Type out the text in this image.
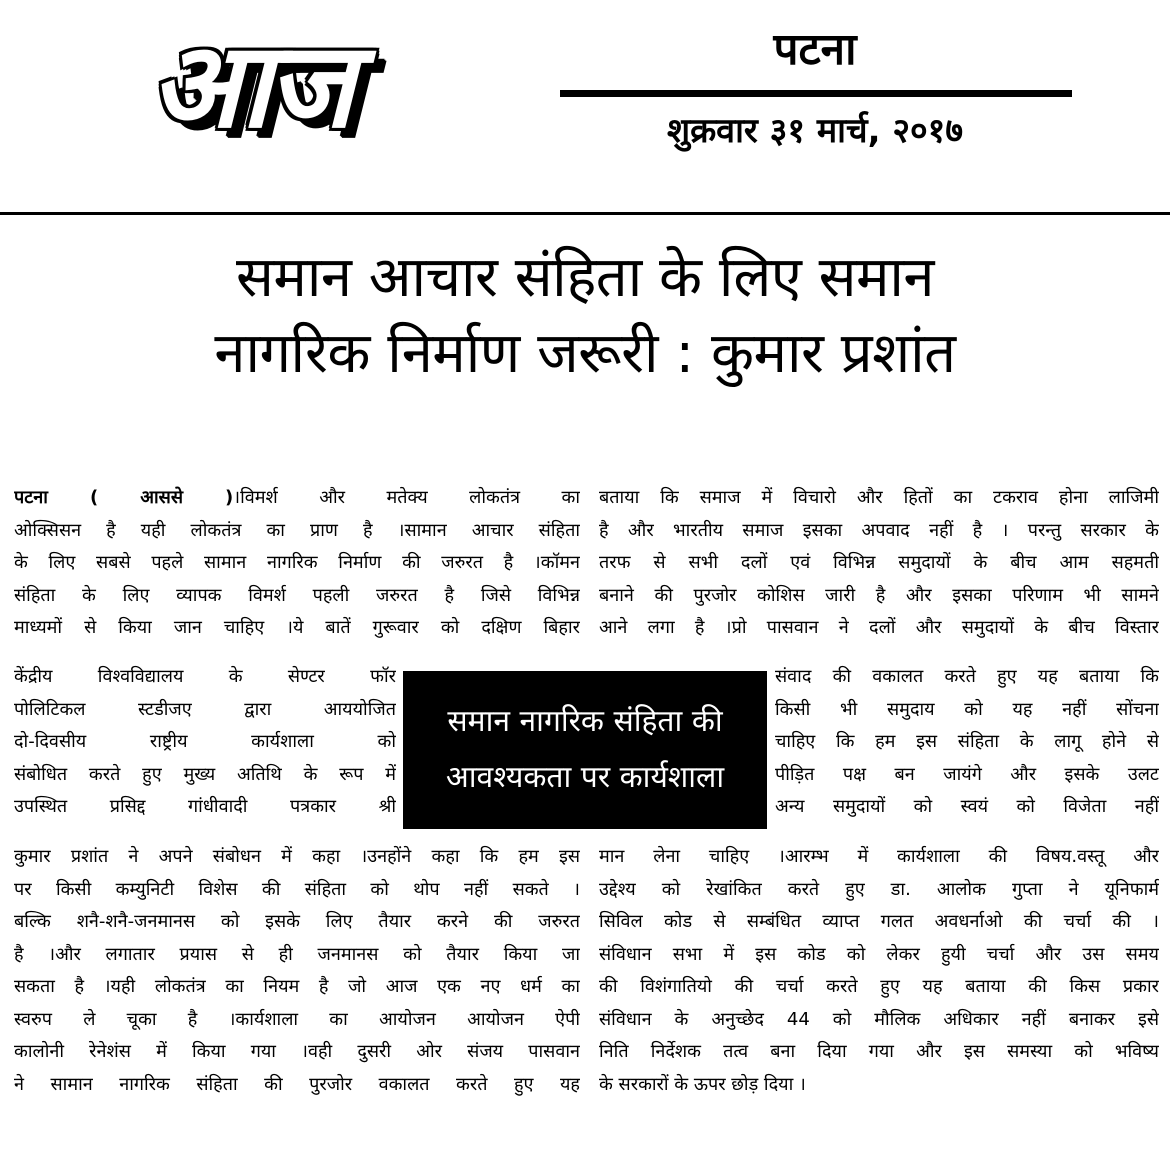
आज	पटना
शुक्रवार ३१ मार्च, २०१७
समान आचार संहिता के लिए समान
नागरिक निर्माण जरूरी : कुमार प्रशांत
पटना ( आससे )।विमर्श और मतेक्य लोकतंत्र का
ओक्सिसन है यही लोकतंत्र का प्राण है ।सामान आचार संहिता
के लिए सबसे पहले सामान नागरिक निर्माण की जरुरत है ।कॉमन
संहिता के लिए व्यापक विमर्श पहली जरुरत है जिसे विभिन्न
माध्यमों से किया जान चाहिए ।ये बातें गुरूवार को दक्षिण बिहार
केंद्रीय विश्वविद्यालय के सेण्टर फॉर
पोलिटिकल स्टडीजए द्वारा आययोजित
दो-दिवसीय राष्ट्रीय कार्यशाला को
संबोधित करते हुए मुख्य अतिथि के रूप में
उपस्थित प्रसिद्द गांधीवादी पत्रकार श्री
कुमार प्रशांत ने अपने संबोधन में कहा ।उनहोंने कहा कि हम इस
पर किसी कम्युनिटी विशेस की संहिता को थोप नहीं सकते ।
बल्कि शनै-शनै-जनमानस को इसके लिए तैयार करने की जरुरत
है ।और लगातार प्रयास से ही जनमानस को तैयार किया जा
सकता है ।यही लोकतंत्र का नियम है जो आज एक नए धर्म का
स्वरुप ले चूका है ।कार्यशाला का आयोजन आयोजन ऐपी
कालोनी रेनेशंस में किया गया ।वही दुसरी ओर संजय पासवान
ने सामान नागरिक संहिता की पुरजोर वकालत करते हुए यह
समान नागरिक संहिता की
आवश्यकता पर कार्यशाला
बताया कि समाज में विचारो और हितों का टकराव होना लाजिमी
है और भारतीय समाज इसका अपवाद नहीं है । परन्तु सरकार के
तरफ से सभी दलों एवं विभिन्न समुदायों के बीच आम सहमती
बनाने की पुरजोर कोशिस जारी है और इसका परिणाम भी सामने
आने लगा है ।प्रो पासवान ने दलों और समुदायों के बीच विस्तार
संवाद की वकालत करते हुए यह बताया कि
किसी भी समुदाय को यह नहीं सोंचना
चाहिए कि हम इस संहिता के लागू होने से
पीड़ित पक्ष बन जायंगे और इसके उलट
अन्य समुदायों को स्वयं को विजेता नहीं
मान लेना चाहिए ।आरम्भ में कार्यशाला की विषय.वस्तू और
उद्देश्य को रेखांकित करते हुए डा. आलोक गुप्ता ने यूनिफार्म
सिविल कोड से सम्बंधित व्याप्त गलत अवधर्नाओ की चर्चा की ।
संविधान सभा में इस कोड को लेकर हुयी चर्चा और उस समय
की विशंगातियो की चर्चा करते हुए यह बताया की किस प्रकार
संविधान के अनुच्छेद 44 को मौलिक अधिकार नहीं बनाकर इसे
निति निर्देशक तत्व बना दिया गया और इस समस्या को भविष्य
के सरकारों के ऊपर छोड़ दिया ।
